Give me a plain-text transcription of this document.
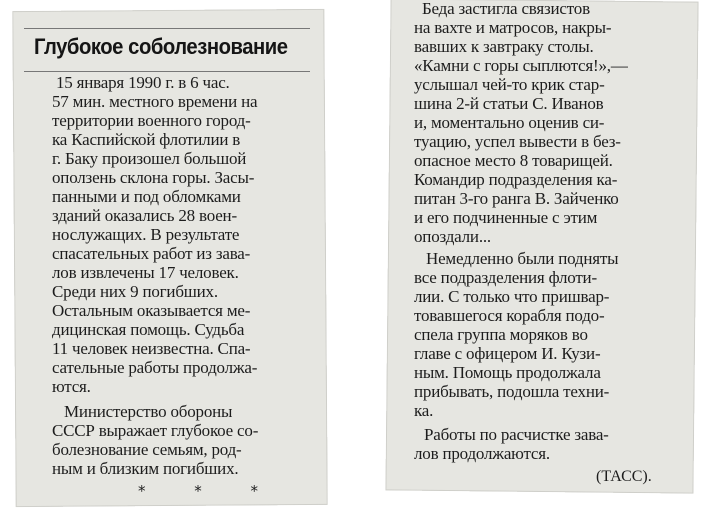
Глубокое соболезнование
15 января 1990 г. в 6 час.
57 мин. местного времени на
территории военного город-
ка Каспийской флотилии в
г. Баку произошел большой
оползень склона горы. Засы-
панными и под обломками
зданий оказались 28 воен-
нослужащих. В результате
спасательных работ из зава-
лов извлечены 17 человек.
Среди них 9 погибших.
Остальным оказывается ме-
дицинская помощь. Судьба
11 человек неизвестна. Спа-
сательные работы продолжа-
ются.
Министерство обороны
СССР выражает глубокое со-
болезнование семьям, род-
ным и близким погибших.
* * *
Беда застигла связистов
на вахте и матросов, накры-
вавших к завтраку столы.
«Камни с горы сыплются!»,—
услышал чей-то крик стар-
шина 2-й статьи С. Иванов
и, моментально оценив си-
туацию, успел вывести в без-
опасное место 8 товарищей.
Командир подразделения ка-
питан 3-го ранга В. Зайченко
и его подчиненные с этим
опоздали...
Немедленно были подняты
все подразделения флоти-
лии. С только что пришвар-
товавшегося корабля подо-
спела группа моряков во
главе с офицером И. Кузи-
ным. Помощь продолжала
прибывать, подошла техни-
ка.
Работы по расчистке зава-
лов продолжаются.
(ТАСС).
